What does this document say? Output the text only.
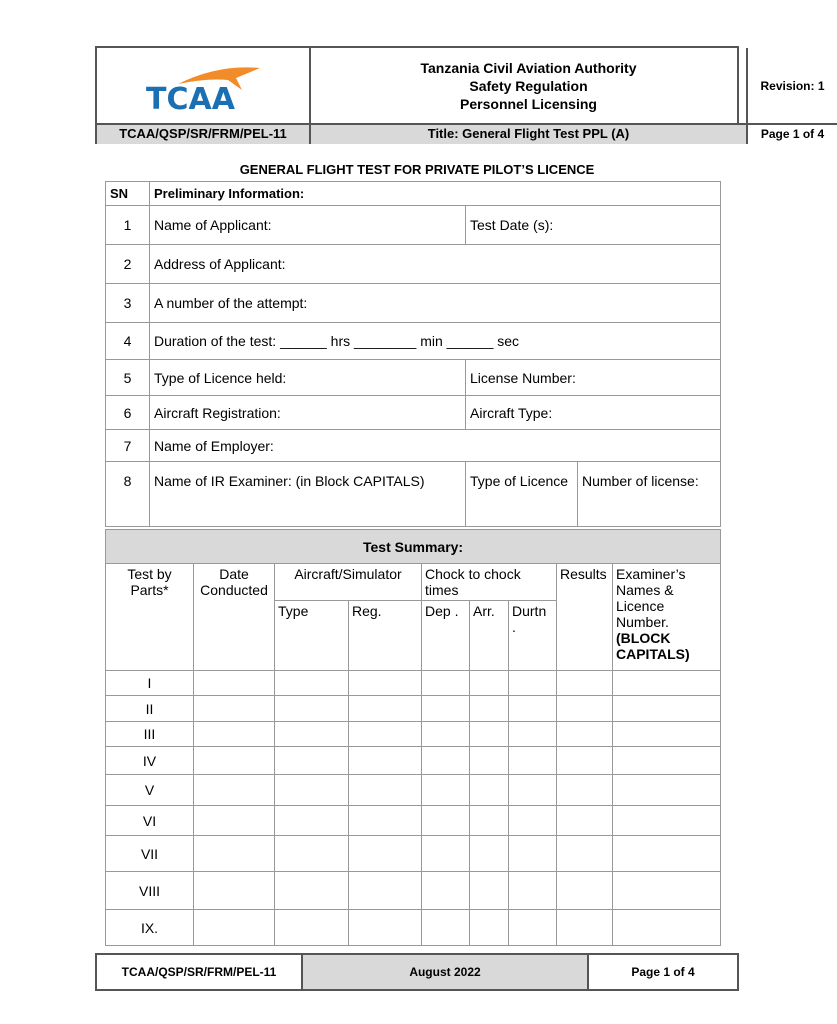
TCAA
Tanzania Civil Aviation Authority
Safety Regulation
Personnel Licensing
Revision: 1
TCAA/QSP/SR/FRM/PEL-11	Title: General Flight Test PPL (A)	Page 1 of 4
GENERAL FLIGHT TEST FOR PRIVATE PILOT’S LICENCE
SN	Preliminary Information:		
1	Name of Applicant:	Test Date (s):	
2	Address of Applicant:		
3	A number of the attempt:		
4	Duration of the test: ______ hrs ________ min ______ sec		
5	Type of Licence held:	License Number:	
6	Aircraft Registration:	Aircraft Type:	
7	Name of Employer:		
8	Name of IR Examiner: (in Block CAPITALS)	Type of Licence	Number of license:
Test Summary:								
Test by Parts*	Date Conducted	Aircraft/Simulator		Chock to chock times			Results	Examiner’s Names & Licence Number.
(BLOCK CAPITALS)
		Type	Reg.	Dep .	Arr.	Durtn .		
I								
II								
III								
IV								
V								
VI								
VII								
VIII								
IX.								
TCAA/QSP/SR/FRM/PEL-11	August 2022	Page 1 of 4
